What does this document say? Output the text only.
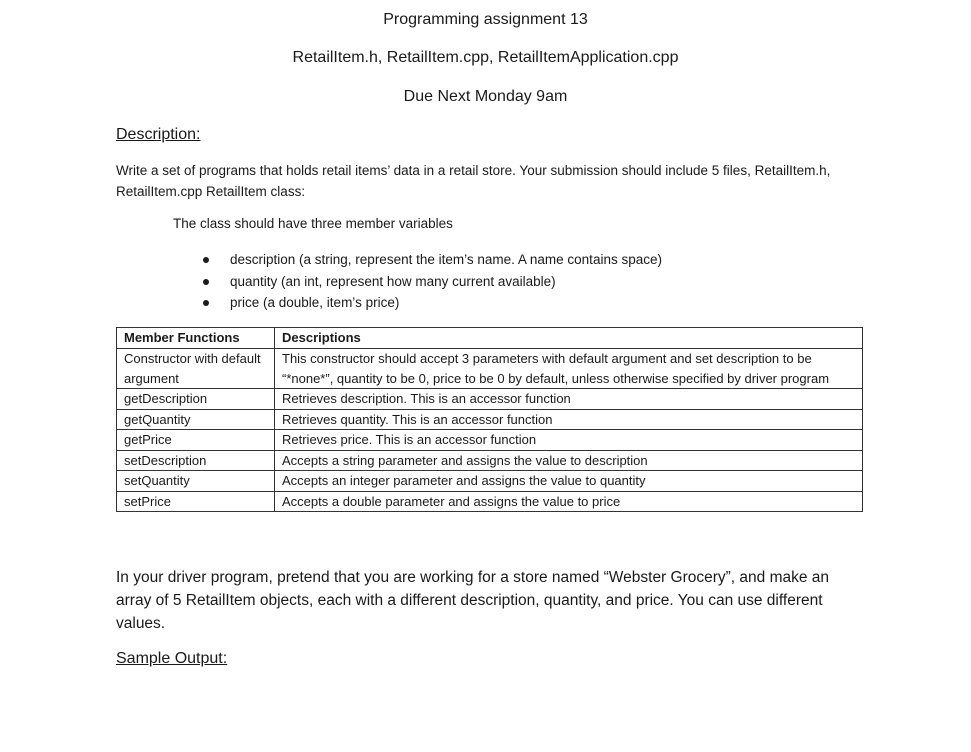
Programming assignment 13
RetailItem.h, RetailItem.cpp, RetailItemApplication.cpp
Due Next Monday 9am
Description:
Write a set of programs that holds retail items’ data in a retail store. Your submission should include 5 files, RetailItem.h, RetailItem.cpp RetailItem class:
The class should have three member variables
description (a string, represent the item’s name. A name contains space)
quantity (an int, represent how many current available)
price (a double, item’s price)
Member Functions	Descriptions
Constructor with default argument	This constructor should accept 3 parameters with default argument and set description to be “*none*”, quantity to be 0, price to be 0 by default, unless otherwise specified by driver program
getDescription	Retrieves description. This is an accessor function
getQuantity	Retrieves quantity. This is an accessor function
getPrice	Retrieves price. This is an accessor function
setDescription	Accepts a string parameter and assigns the value to description
setQuantity	Accepts an integer parameter and assigns the value to quantity
setPrice	Accepts a double parameter and assigns the value to price
In your driver program, pretend that you are working for a store named “Webster Grocery”, and make an array of 5 RetailItem objects, each with a different description, quantity, and price. You can use different values.
Sample Output:
